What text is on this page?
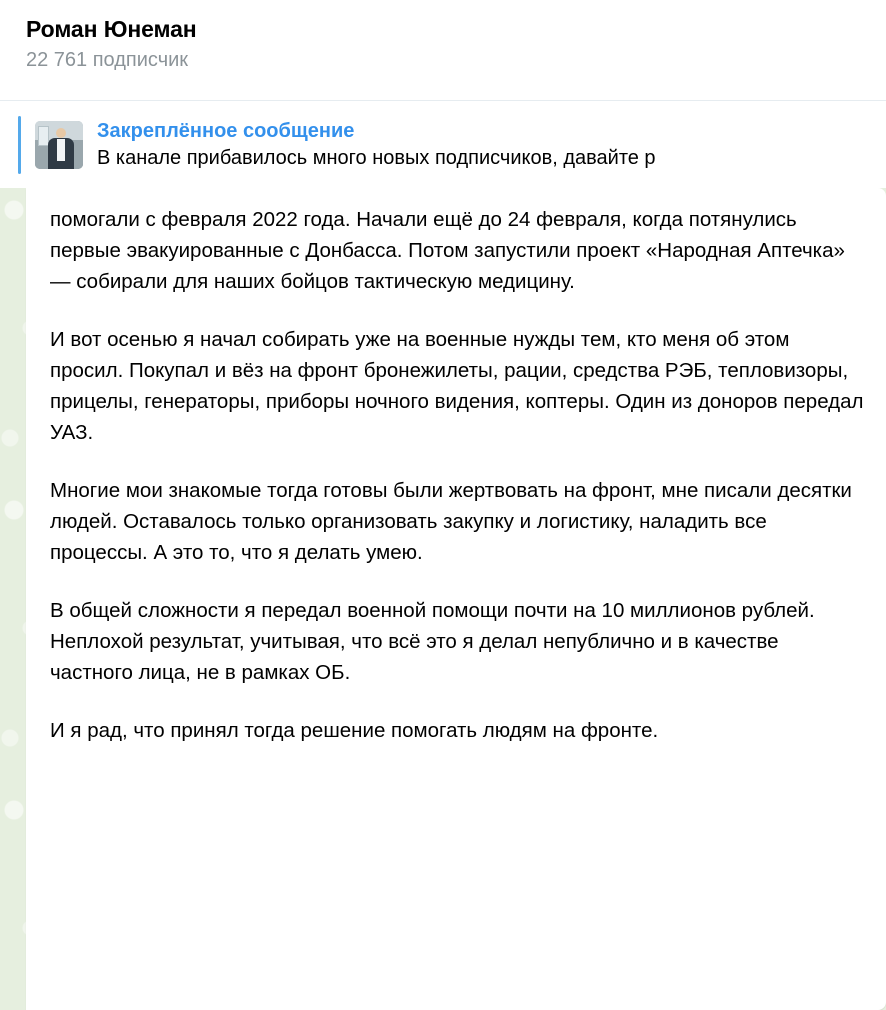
Роман Юнеман
22 761 подписчик
Закреплённое сообщение
В канале прибавилось много новых подписчиков, давайте р

помогали с февраля 2022 года. Начали ещё до 24 февраля, когда потянулись первые эвакуированные с Донбасса. Потом запустили проект «Народная Аптечка» — собирали для наших бойцов тактическую медицину.

И вот осенью я начал собирать уже на военные нужды тем, кто меня об этом просил. Покупал и вёз на фронт бронежилеты, рации, средства РЭБ, тепловизоры, прицелы, генераторы, приборы ночного видения, коптеры. Один из доноров передал УАЗ.

Многие мои знакомые тогда готовы были жертвовать на фронт, мне писали десятки людей. Оставалось только организовать закупку и логистику, наладить все процессы. А это то, что я делать умею.

В общей сложности я передал военной помощи почти на 10 миллионов рублей. Неплохой результат, учитывая, что всё это я делал непублично и в качестве частного лица, не в рамках ОБ.

И я рад, что принял тогда решение помогать людям на фронте.
